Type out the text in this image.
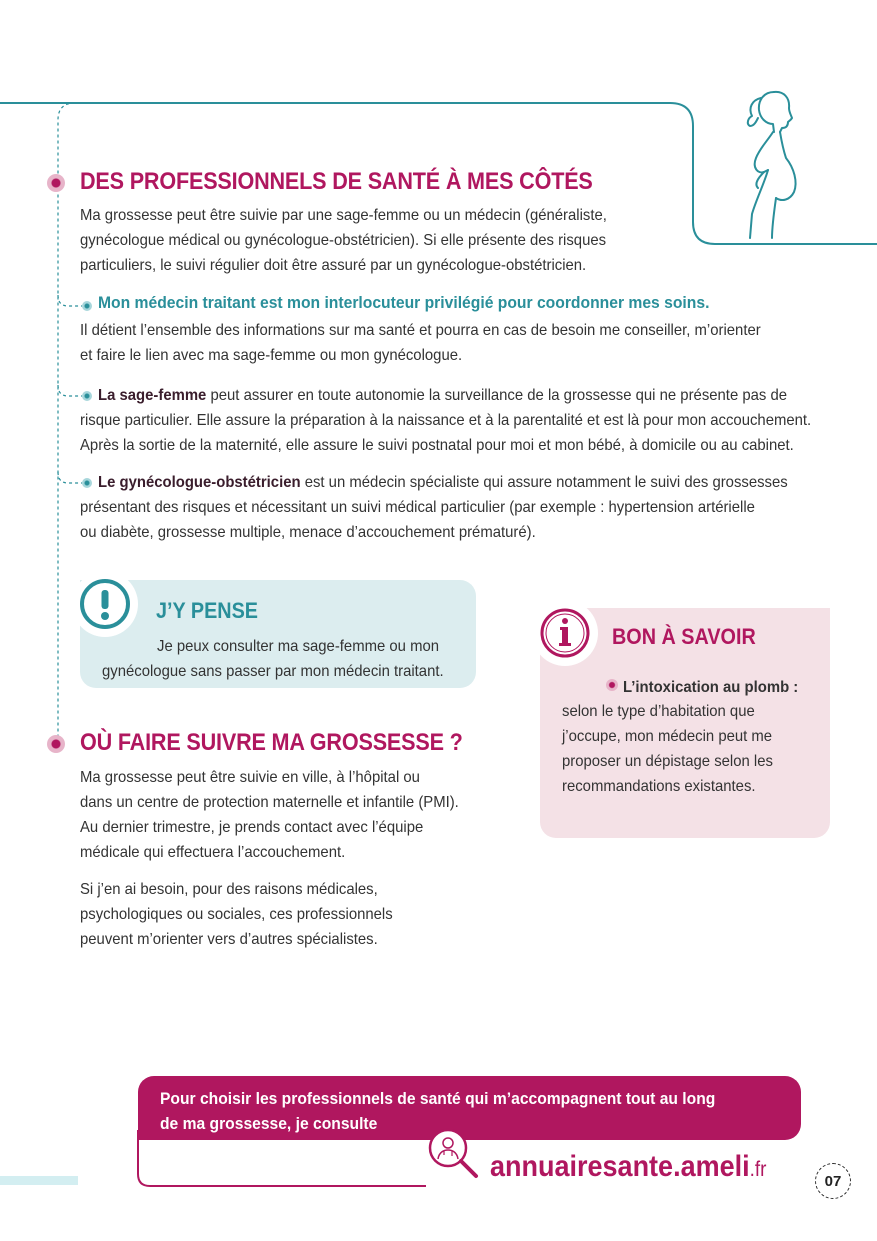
DES PROFESSIONNELS DE SANTÉ À MES CÔTÉS
Ma grossesse peut être suivie par une sage-femme ou un médecin (généraliste,
gynécologue médical ou gynécologue-obstétricien). Si elle présente des risques
particuliers, le suivi régulier doit être assuré par un gynécologue-obstétricien.
Mon médecin traitant est mon interlocuteur privilégié pour coordonner mes soins.
Il détient l’ensemble des informations sur ma santé et pourra en cas de besoin me conseiller, m’orienter
et faire le lien avec ma sage-femme ou mon gynécologue.
La sage-femme peut assurer en toute autonomie la surveillance de la grossesse qui ne présente pas de
risque particulier. Elle assure la préparation à la naissance et à la parentalité et est là pour mon accouchement.
Après la sortie de la maternité, elle assure le suivi postnatal pour moi et mon bébé, à domicile ou au cabinet.
Le gynécologue-obstétricien est un médecin spécialiste qui assure notamment le suivi des grossesses
présentant des risques et nécessitant un suivi médical particulier (par exemple : hypertension artérielle
ou diabète, grossesse multiple, menace d’accouchement prématuré).
J’Y PENSE
Je peux consulter ma sage-femme ou mon
gynécologue sans passer par mon médecin traitant.
BON À SAVOIR
L’intoxication au plomb :
selon le type d’habitation que
j’occupe, mon médecin peut me
proposer un dépistage selon les
recommandations existantes.
OÙ FAIRE SUIVRE MA GROSSESSE ?
Ma grossesse peut être suivie en ville, à l’hôpital ou
dans un centre de protection maternelle et infantile (PMI).
Au dernier trimestre, je prends contact avec l’équipe
médicale qui effectuera l’accouchement.
Si j’en ai besoin, pour des raisons médicales,
psychologiques ou sociales, ces professionnels
peuvent m’orienter vers d’autres spécialistes.
Pour choisir les professionnels de santé qui m’accompagnent tout au long
de ma grossesse, je consulte
annuairesante.ameli.fr	07
